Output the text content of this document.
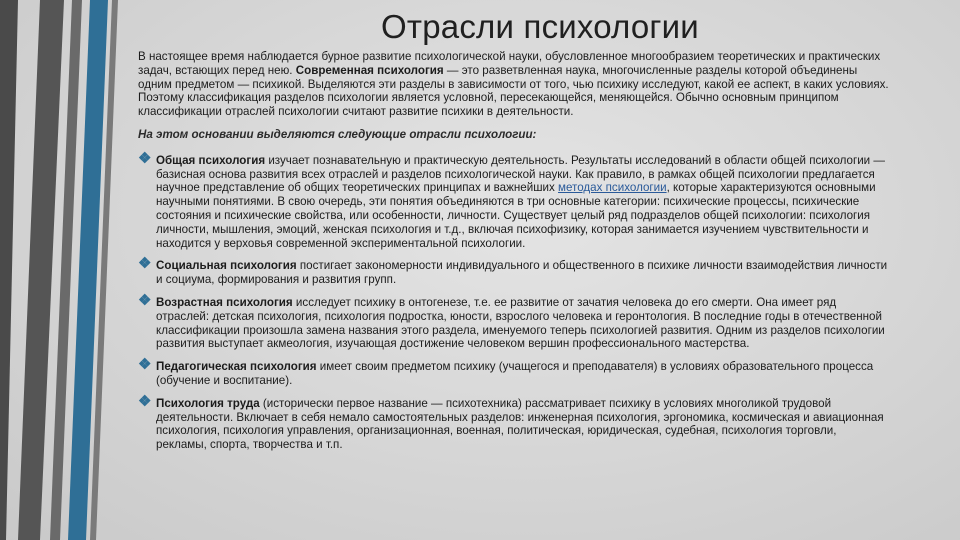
Отрасли психологии

В настоящее время наблюдается бурное развитие психологической науки, обусловленное многообразием теоретических и практических задач, встающих перед нею. Современная психология — это разветвленная наука, многочисленные разделы которой объединены одним предметом — психикой. Выделяются эти разделы в зависимости от того, чью психику исследуют, какой ее аспект, в каких условиях. Поэтому классификация разделов психологии является условной, пересекающейся, меняющейся. Обычно основным принципом классификации отраслей психологии считают развитие психики в деятельности.

На этом основании выделяются следующие отрасли психологии:

❖ Общая психология изучает познавательную и практическую деятельность. Результаты исследований в области общей психологии — базисная основа развития всех отраслей и разделов психологической науки. Как правило, в рамках общей психологии предлагается научное представление об общих теоретических принципах и важнейших методах психологии, которые характеризуются основными научными понятиями. В свою очередь, эти понятия объединяются в три основные категории: психические процессы, психические состояния и психические свойства, или особенности, личности. Существует целый ряд подразделов общей психологии: психология личности, мышления, эмоций, женская психология и т.д., включая психофизику, которая занимается изучением чувствительности и находится у верховья современной экспериментальной психологии.
❖ Социальная психология постигает закономерности индивидуального и общественного в психике личности взаимодействия личности и социума, формирования и развития групп.
❖ Возрастная психология исследует психику в онтогенезе, т.е. ее развитие от зачатия человека до его смерти. Она имеет ряд отраслей: детская психология, психология подростка, юности, взрослого человека и геронтология. В последние годы в отечественной классификации произошла замена названия этого раздела, именуемого теперь психологией развития. Одним из разделов психологии развития выступает акмеология, изучающая достижение человеком вершин профессионального мастерства.
❖ Педагогическая психология имеет своим предметом психику (учащегося и преподавателя) в условиях образовательного процесса (обучение и воспитание).
❖ Психология труда (исторически первое название — психотехника) рассматривает психику в условиях многоликой трудовой деятельности. Включает в себя немало самостоятельных разделов: инженерная психология, эргономика, космическая и авиационная психология, психология управления, организационная, военная, политическая, юридическая, судебная, психология торговли, рекламы, спорта, творчества и т.п.
